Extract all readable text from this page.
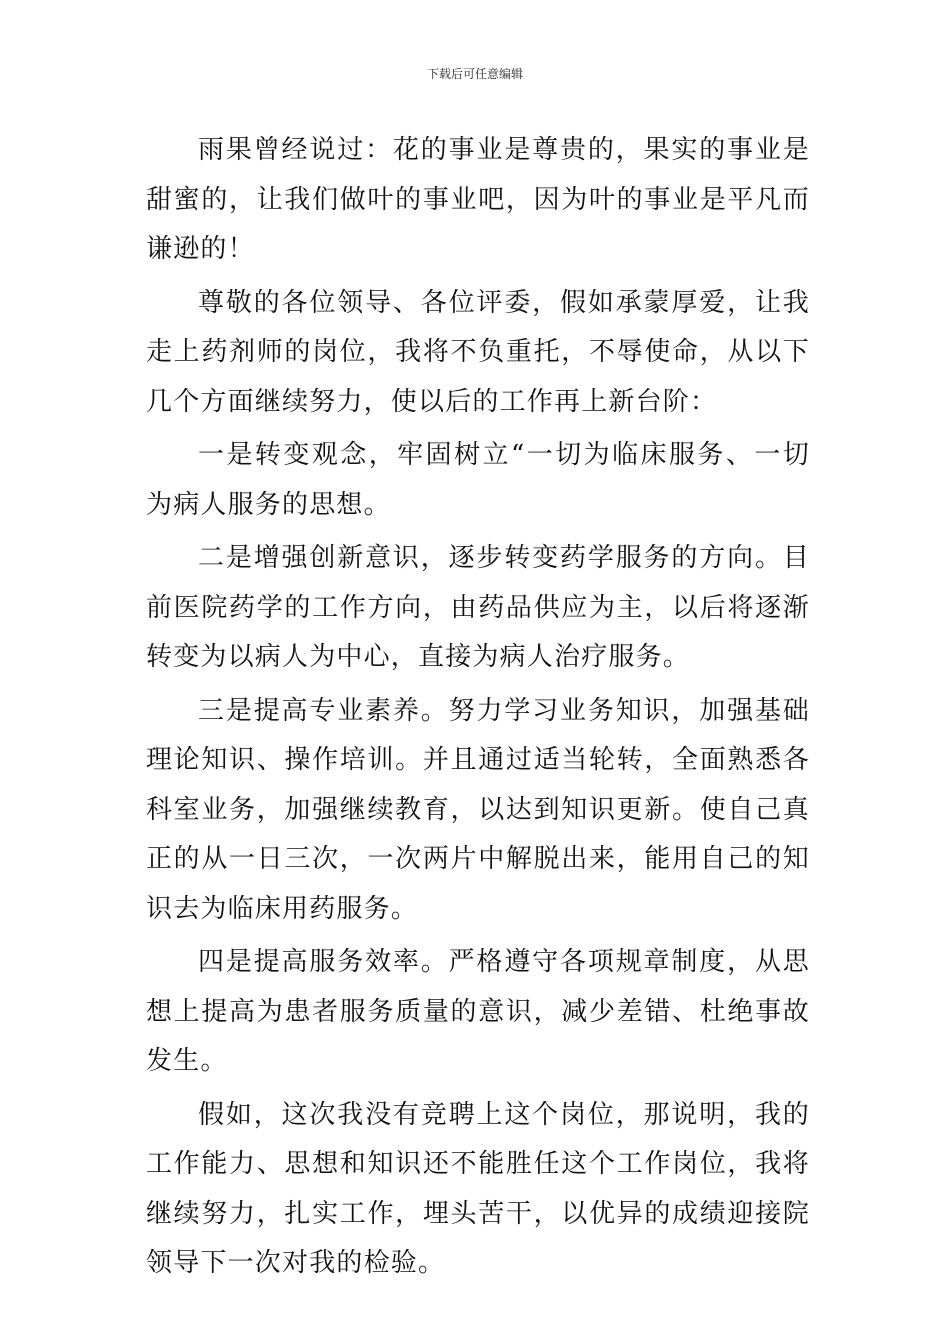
下载后可任意编辑

雨果曾经说过：花的事业是尊贵的，果实的事业是甜蜜的，让我们做叶的事业吧，因为叶的事业是平凡而谦逊的！

尊敬的各位领导、各位评委，假如承蒙厚爱，让我走上药剂师的岗位，我将不负重托，不辱使命，从以下几个方面继续努力，使以后的工作再上新台阶：

一是转变观念，牢固树立“一切为临床服务、一切为病人服务的思想。

二是增强创新意识，逐步转变药学服务的方向。目前医院药学的工作方向，由药品供应为主，以后将逐渐转变为以病人为中心，直接为病人治疗服务。

三是提高专业素养。努力学习业务知识，加强基础理论知识、操作培训。并且通过适当轮转，全面熟悉各科室业务，加强继续教育，以达到知识更新。使自己真正的从一日三次，一次两片中解脱出来，能用自己的知识去为临床用药服务。

四是提高服务效率。严格遵守各项规章制度，从思想上提高为患者服务质量的意识，减少差错、杜绝事故发生。

假如，这次我没有竞聘上这个岗位，那说明，我的工作能力、思想和知识还不能胜任这个工作岗位，我将继续努力，扎实工作，埋头苦干，以优异的成绩迎接院领导下一次对我的检验。
